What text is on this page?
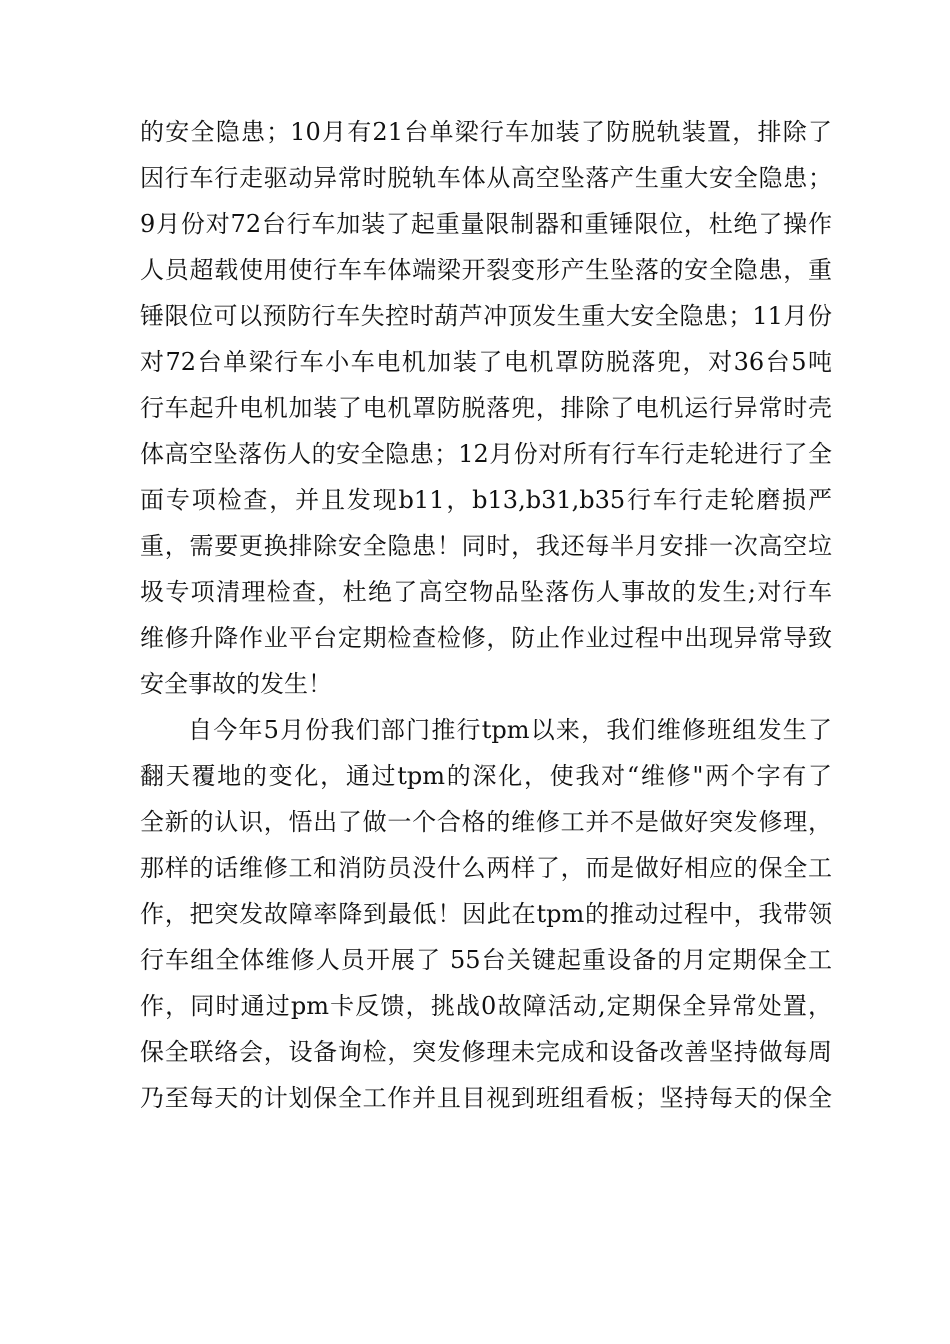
的安全隐患；10月有21台单梁行车加装了防脱轨装置，排除了
因行车行走驱动异常时脱轨车体从高空坠落产生重大安全隐患；
9月份对72台行车加装了起重量限制器和重锤限位，杜绝了操作
人员超载使用使行车车体端梁开裂变形产生坠落的安全隐患，重
锤限位可以预防行车失控时葫芦冲顶发生重大安全隐患；11月份
对72台单梁行车小车电机加装了电机罩防脱落兜，对36台5吨
行车起升电机加装了电机罩防脱落兜，排除了电机运行异常时壳
体高空坠落伤人的安全隐患；12月份对所有行车行走轮进行了全
面专项检查，并且发现b11，b13,b31,b35行车行走轮磨损严
重，需要更换排除安全隐患！同时，我还每半月安排一次高空垃
圾专项清理检查，杜绝了高空物品坠落伤人事故的发生;对行车
维修升降作业平台定期检查检修，防止作业过程中出现异常导致
安全事故的发生！
自今年5月份我们部门推行tpm以来，我们维修班组发生了
翻天覆地的变化，通过tpm的深化，使我对“维修"两个字有了
全新的认识，悟出了做一个合格的维修工并不是做好突发修理，
那样的话维修工和消防员没什么两样了，而是做好相应的保全工
作，把突发故障率降到最低！因此在tpm的推动过程中，我带领
行车组全体维修人员开展了 55台关键起重设备的月定期保全工
作，同时通过pm卡反馈，挑战0故障活动,定期保全异常处置，
保全联络会，设备询检，突发修理未完成和设备改善坚持做每周
乃至每天的计划保全工作并且目视到班组看板；坚持每天的保全
